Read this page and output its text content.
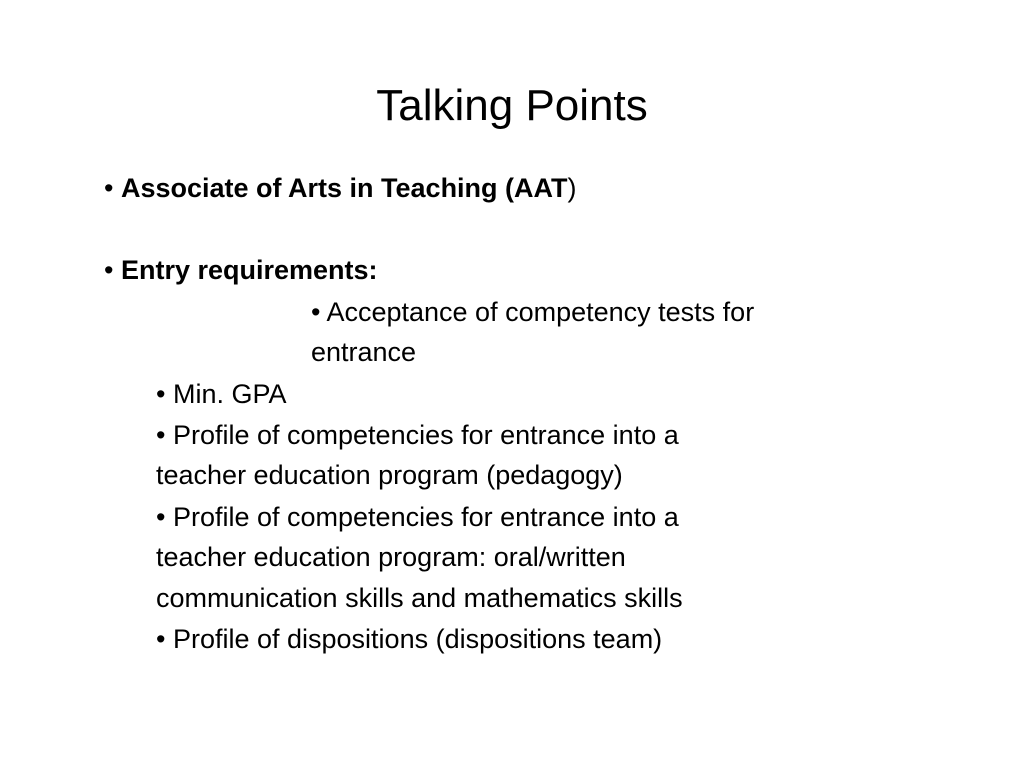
Talking Points
• Associate of Arts in Teaching (AAT)
• Entry requirements:
• Acceptance of competency tests for
entrance
• Min. GPA
• Profile of competencies for entrance into a
teacher education program (pedagogy)
• Profile of competencies for entrance into a
teacher education program: oral/written
communication skills and mathematics skills
• Profile of dispositions (dispositions team)
